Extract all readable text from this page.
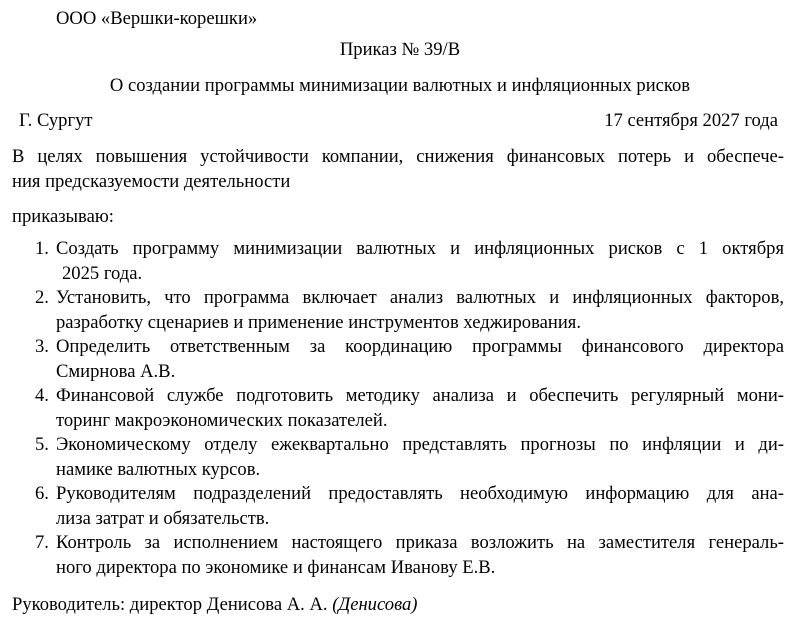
ООО «Вершки-корешки»
Приказ № 39/В
О создании программы минимизации валютных и инфляционных рисков
Г. Сургут	17 сентября 2027 года
В целях повышения устойчивости компании, снижения финансовых потерь и обеспече-
ния предсказуемости деятельности
приказываю:
1. Создать программу минимизации валютных и инфляционных рисков с 1 октября
2025 года.
2. Установить, что программа включает анализ валютных и инфляционных факторов,
разработку сценариев и применение инструментов хеджирования.
3. Определить ответственным за координацию программы финансового директора
Смирнова А.В.
4. Финансовой службе подготовить методику анализа и обеспечить регулярный мони-
торинг макроэкономических показателей.
5. Экономическому отделу ежеквартально представлять прогнозы по инфляции и ди-
намике валютных курсов.
6. Руководителям подразделений предоставлять необходимую информацию для ана-
лиза затрат и обязательств.
7. Контроль за исполнением настоящего приказа возложить на заместителя генераль-
ного директора по экономике и финансам Иванову Е.В.
Руководитель: директор Денисова А. А. (Денисова)
